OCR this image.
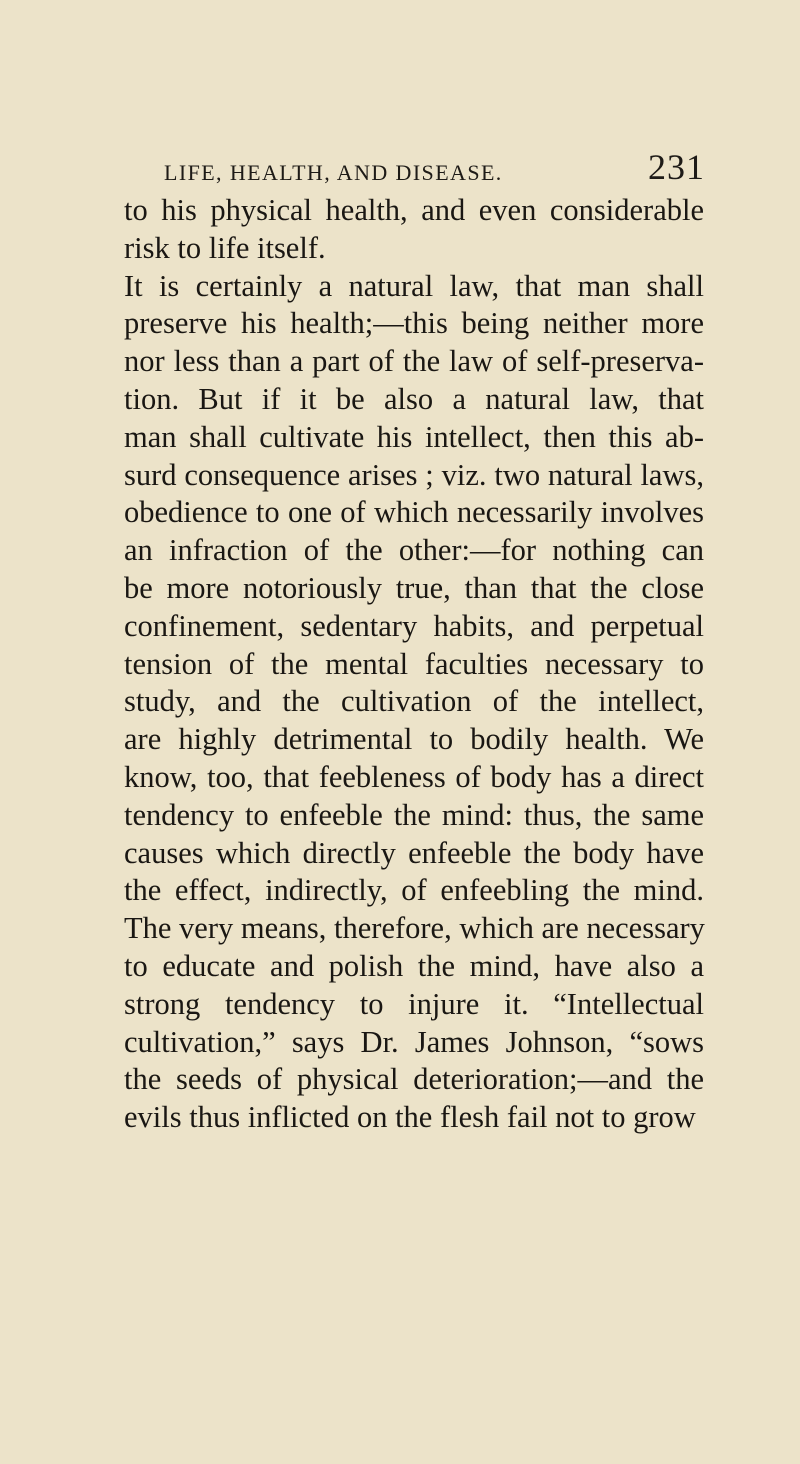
LIFE, HEALTH, AND DISEASE.	231
to his physical health, and even considerable
risk to life itself.
It is certainly a natural law, that man shall
preserve his health;—this being neither more
nor less than a part of the law of self-preserva-
tion. But if it be also a natural law, that
man shall cultivate his intellect, then this ab-
surd consequence arises ; viz. two natural laws,
obedience to one of which necessarily involves
an infraction of the other:—for nothing can
be more notoriously true, than that the close
confinement, sedentary habits, and perpetual
tension of the mental faculties necessary to
study, and the cultivation of the intellect,
are highly detrimental to bodily health. We
know, too, that feebleness of body has a direct
tendency to enfeeble the mind: thus, the same
causes which directly enfeeble the body have
the effect, indirectly, of enfeebling the mind.
The very means, therefore, which are necessary
to educate and polish the mind, have also a
strong tendency to injure it. “Intellectual
cultivation,” says Dr. James Johnson, “sows
the seeds of physical deterioration;—and the
evils thus inflicted on the flesh fail not to grow
